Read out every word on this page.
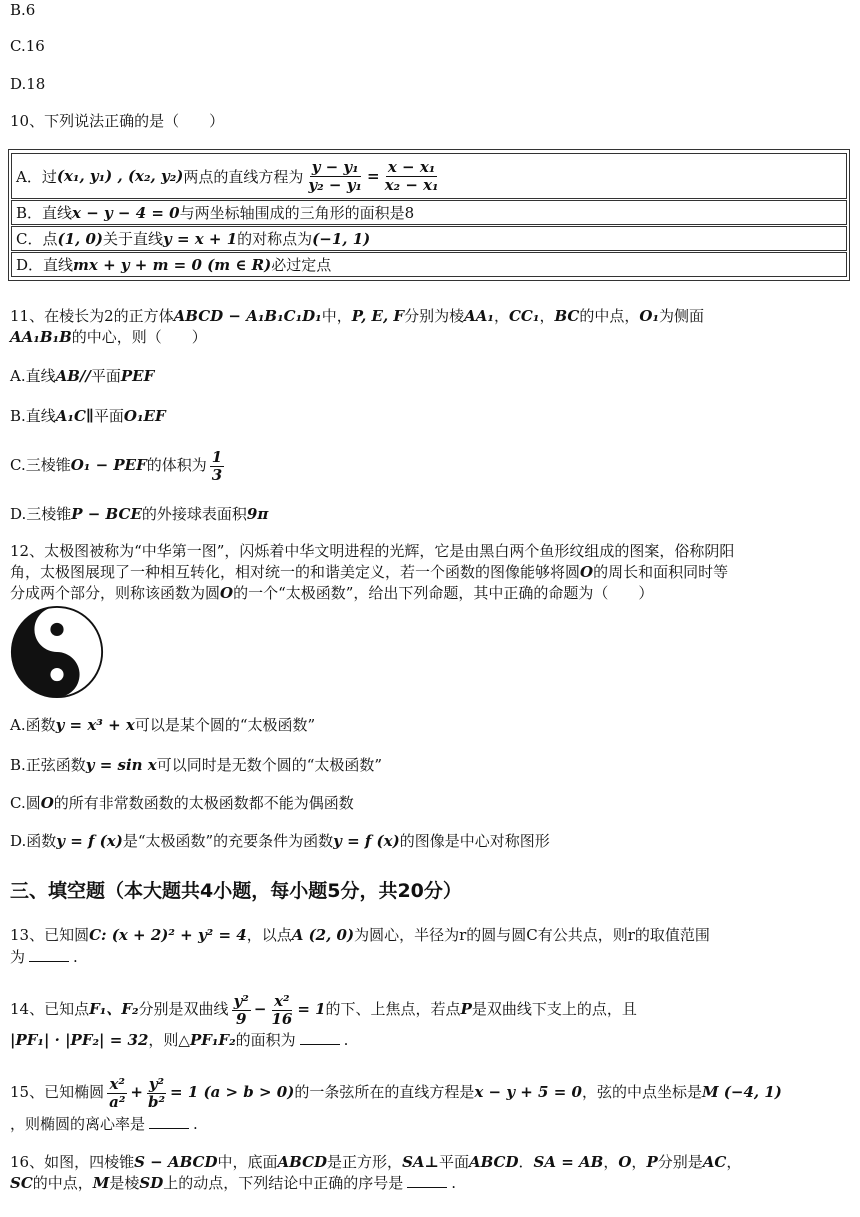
B.6
C.16
D.18
10、下列说法正确的是（　　）
A．过 (x₁, y₁) , (x₂, y₂) 两点的直线方程为 $\frac{\text{y − y₁}}{\text{y₂ − y₁}} = \frac{\text{x − x₁}}{\text{x₂ − x₁}}$
B．直线 x − y − 4 = 0 与两坐标轴围成的三角形的面积是8
C．点 (1, 0) 关于直线 y = x + 1 的对称点为 (−1, 1)
D．直线 mx + y + m = 0 (m ∈ R) 必过定点
11、在棱长为2的正方体ABCD − A₁B₁C₁D₁中，P, E, F分别为棱AA₁，CC₁，BC的中点，O₁为侧面
AA₁B₁B的中心，则（　　）
A.直线AB//平面PEF
B.直线A₁C∥平面O₁EF
C.三棱锥O₁ − PEF的体积为 $\frac{1}{3}$
D.三棱锥P − BCE的外接球表面积9π
12、太极图被称为“中华第一图”，闪烁着中华文明进程的光辉，它是由黑白两个鱼形纹组成的图案，俗称阴阳
角，太极图展现了一种相互转化，相对统一的和谐美定义，若一个函数的图像能够将圆O的周长和面积同时等
分成两个部分，则称该函数为圆O的一个“太极函数”，给出下列命题，其中正确的命题为（　　）
A.函数y = x³ + x可以是某个圆的“太极函数”
B.正弦函数y = sin x可以同时是无数个圆的“太极函数”
C.圆O的所有非常数函数的太极函数都不能为偶函数
D.函数y = f (x)是“太极函数”的充要条件为函数y = f (x)的图像是中心对称图形
三、填空题（本大题共4小题，每小题5分，共20分）
13、已知圆C: (x + 2)² + y² = 4，以点A (2, 0)为圆心，半径为r的圆与圆C有公共点，则r的取值范围
为	.
14、已知点F₁、F₂分别是双曲线 $\frac{\text{y²}}{9} - \frac{\text{x²}}{16} = 1$的下、上焦点，若点P是双曲线下支上的点，且
|PF₁| · |PF₂| = 32，则△PF₁F₂的面积为	.
15、已知椭圆 $\frac{\text{x²}}{\text{a²}} + \frac{\text{y²}}{\text{b²}} = 1$ (a > b > 0)的一条弦所在的直线方程是x − y + 5 = 0，弦的中点坐标是M (−4, 1)
，则椭圆的离心率是	.
16、如图，四棱锥S − ABCD中，底面ABCD是正方形，SA⊥平面ABCD．SA = AB，O，P分别是AC，
SC的中点，M是棱SD上的动点，下列结论中正确的序号是	.
